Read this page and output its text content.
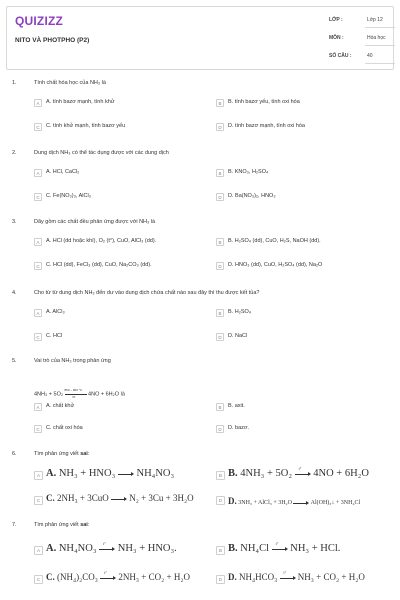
QUIZIZZ
NITO VÀ PHOTPHO (P2)
LỚP :	Lớp 12
MÔN :	Hóa học
SỐ CÂU :	40
1.	Tính chất hóa học của NH₃ là
A	A. tính bazơ mạnh, tính khử	B	B. tính bazơ yếu, tính oxi hóa
C	C. tính khử mạnh, tính bazơ yếu	D	D. tính bazơ mạnh, tính oxi hóa
2.	Dung dịch NH₃ có thể tác dụng được với các dung dịch
A	A. HCl, CaCl₂	B	B. KNO₃, H₂SO₄
C	C. Fe(NO₃)₃, AlCl₃	D	D. Ba(NO₃)₂, HNO₃
3.	Dãy gồm các chất đều phản ứng được với NH₃ là
A	A. HCl (dd hoặc khí), O₂ (t°), CuO, AlCl₃ (dd).	B	B. H₂SO₄ (dd), CuO, H₂S, NaOH (dd).
C	C. HCl (dd), FeCl₃ (dd), CuO, Na₂CO₃ (dd).	D	D. HNO₃ (dd), CuO, H₂SO₄ (dd), Na₂O
4.	Cho từ từ dung dịch NH₃ đến dư vào dung dịch chứa chất nào sau đây thì thu được kết tủa?
A	A. AlCl₃	B	B. H₂SO₄
C	C. HCl	D	D. NaCl
5.	Vai trò của NH₃ trong phản ứng
4NH₃ + 5O₂
850 – 900 °C
Pt 4NO + 6H₂O là
A	A. chất khử	B	B. axit.
C	C. chất oxi hóa	D	D. bazơ.
6.	Tìm phản ứng viết sai:
A A. NH₃ + HNO₃ NH₄NO₃	B B. 4NH₃ + 5O₂ t° 4NO + 6H₂O
C C. 2NH₃ + 3CuO N₂ + 3Cu + 3H₂O	D D. 3NH₃ + AlCl₃ + 3H₂O	Al(OH)₃↓ + 3NH₄Cl
7.	Tìm phản ứng viết sai:
A A. NH₄NO₃ t° NH₃ + HNO₃.	B B. NH₄Cl t° NH₃ + HCl.
C C. (NH₄)₂CO₃ t° 2NH₃ + CO₂ + H₂O	D D. NH₄HCO₃ t° NH₃ + CO₂ + H₂O
